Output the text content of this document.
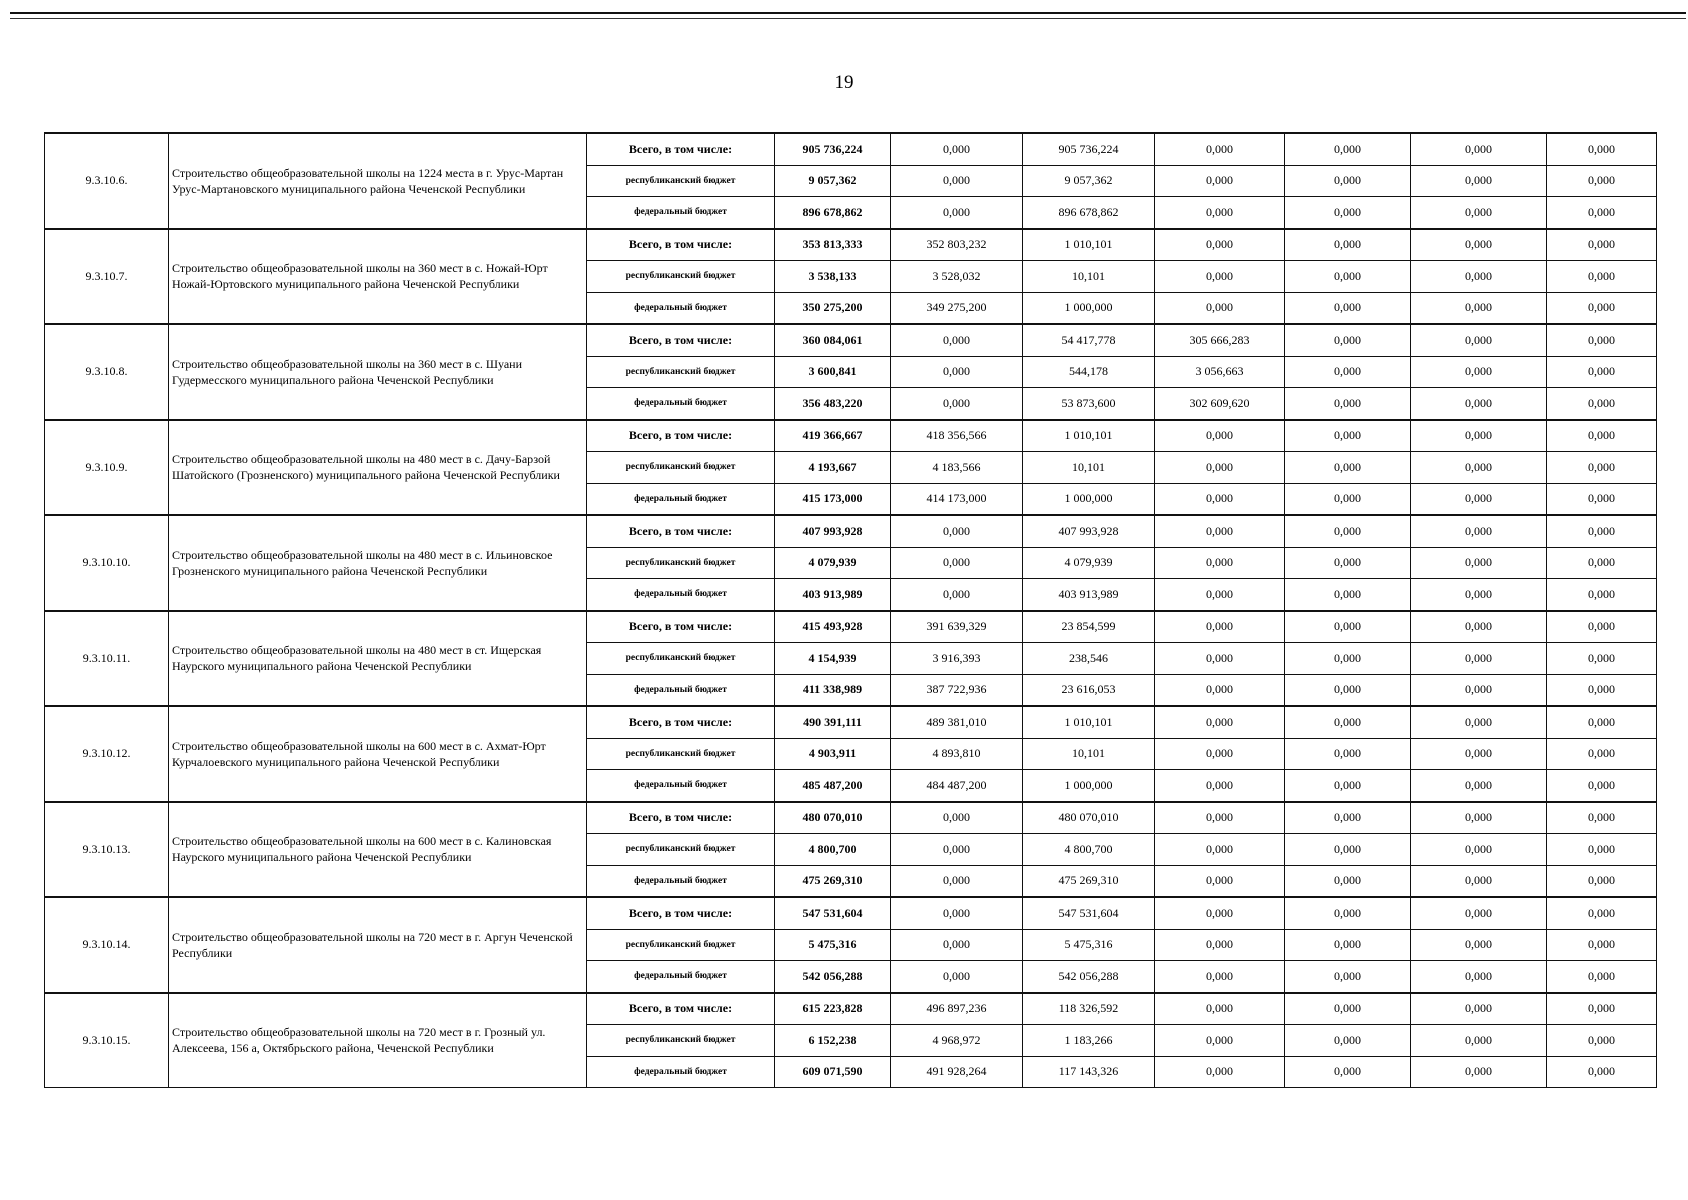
19
9.3.10.6.	Строительство общеобразовательной школы на 1224 места в г. Урус-Мартан Урус-Мартановского муниципального района Чеченской Республики	Всего, в том числе:	905 736,224	0,000	905 736,224	0,000	0,000	0,000	0,000
		республиканский бюджет	9 057,362	0,000	9 057,362	0,000	0,000	0,000	0,000
		федеральный бюджет	896 678,862	0,000	896 678,862	0,000	0,000	0,000	0,000
9.3.10.7.	Строительство общеобразовательной школы на 360 мест в с. Ножай-Юрт Ножай-Юртовского муниципального района Чеченской Республики	Всего, в том числе:	353 813,333	352 803,232	1 010,101	0,000	0,000	0,000	0,000
		республиканский бюджет	3 538,133	3 528,032	10,101	0,000	0,000	0,000	0,000
		федеральный бюджет	350 275,200	349 275,200	1 000,000	0,000	0,000	0,000	0,000
9.3.10.8.	Строительство общеобразовательной школы на 360 мест в с. Шуани Гудермесского муниципального района Чеченской Республики	Всего, в том числе:	360 084,061	0,000	54 417,778	305 666,283	0,000	0,000	0,000
		республиканский бюджет	3 600,841	0,000	544,178	3 056,663	0,000	0,000	0,000
		федеральный бюджет	356 483,220	0,000	53 873,600	302 609,620	0,000	0,000	0,000
9.3.10.9.	Строительство общеобразовательной школы на 480 мест в с. Дачу-Барзой Шатойского (Грозненского) муниципального района Чеченской Республики	Всего, в том числе:	419 366,667	418 356,566	1 010,101	0,000	0,000	0,000	0,000
		республиканский бюджет	4 193,667	4 183,566	10,101	0,000	0,000	0,000	0,000
		федеральный бюджет	415 173,000	414 173,000	1 000,000	0,000	0,000	0,000	0,000
9.3.10.10.	Строительство общеобразовательной школы на 480 мест в с. Ильиновское Грозненского муниципального района Чеченской Республики	Всего, в том числе:	407 993,928	0,000	407 993,928	0,000	0,000	0,000	0,000
		республиканский бюджет	4 079,939	0,000	4 079,939	0,000	0,000	0,000	0,000
		федеральный бюджет	403 913,989	0,000	403 913,989	0,000	0,000	0,000	0,000
9.3.10.11.	Строительство общеобразовательной школы на 480 мест в ст. Ищерская Наурского муниципального района Чеченской Республики	Всего, в том числе:	415 493,928	391 639,329	23 854,599	0,000	0,000	0,000	0,000
		республиканский бюджет	4 154,939	3 916,393	238,546	0,000	0,000	0,000	0,000
		федеральный бюджет	411 338,989	387 722,936	23 616,053	0,000	0,000	0,000	0,000
9.3.10.12.	Строительство общеобразовательной школы на 600 мест в с. Ахмат-Юрт Курчалоевского муниципального района Чеченской Республики	Всего, в том числе:	490 391,111	489 381,010	1 010,101	0,000	0,000	0,000	0,000
		республиканский бюджет	4 903,911	4 893,810	10,101	0,000	0,000	0,000	0,000
		федеральный бюджет	485 487,200	484 487,200	1 000,000	0,000	0,000	0,000	0,000
9.3.10.13.	Строительство общеобразовательной школы на 600 мест в с. Калиновская Наурского муниципального района Чеченской Республики	Всего, в том числе:	480 070,010	0,000	480 070,010	0,000	0,000	0,000	0,000
		республиканский бюджет	4 800,700	0,000	4 800,700	0,000	0,000	0,000	0,000
		федеральный бюджет	475 269,310	0,000	475 269,310	0,000	0,000	0,000	0,000
9.3.10.14.	Строительство общеобразовательной школы на 720 мест в г. Аргун Чеченской Республики	Всего, в том числе:	547 531,604	0,000	547 531,604	0,000	0,000	0,000	0,000
		республиканский бюджет	5 475,316	0,000	5 475,316	0,000	0,000	0,000	0,000
		федеральный бюджет	542 056,288	0,000	542 056,288	0,000	0,000	0,000	0,000
9.3.10.15.	Строительство общеобразовательной школы на 720 мест в г. Грозный ул. Алексеева, 156 а, Октябрьского района, Чеченской Республики	Всего, в том числе:	615 223,828	496 897,236	118 326,592	0,000	0,000	0,000	0,000
		республиканский бюджет	6 152,238	4 968,972	1 183,266	0,000	0,000	0,000	0,000
		федеральный бюджет	609 071,590	491 928,264	117 143,326	0,000	0,000	0,000	0,000
